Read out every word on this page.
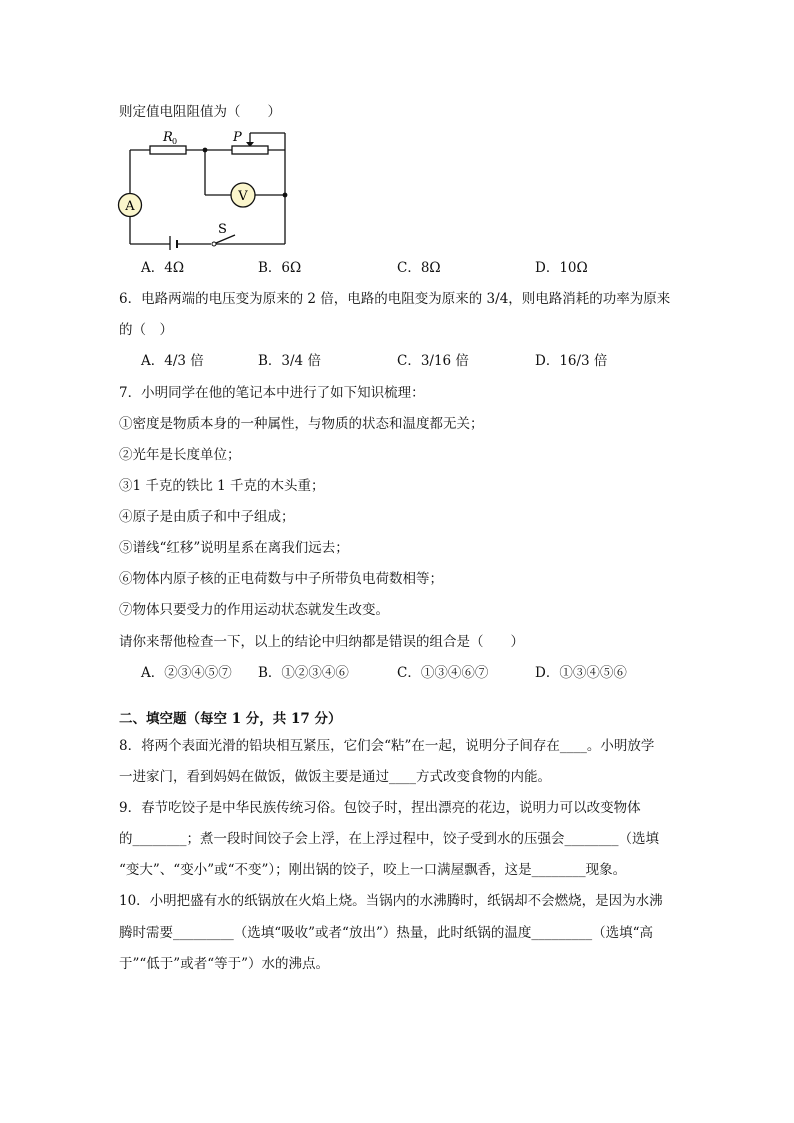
则定值电阻阻值为（　　）
V
A
R 0	P
S
A．4Ω	B．6Ω	C．8Ω	D．10Ω
6．电路两端的电压变为原来的 2 倍，电路的电阻变为原来的 3/4，则电路消耗的功率为原来
的（　）
A．4/3 倍	B．3/4 倍	C．3/16 倍	D．16/3 倍
7．小明同学在他的笔记本中进行了如下知识梳理：
①密度是物质本身的一种属性，与物质的状态和温度都无关；
②光年是长度单位；
③1 千克的铁比 1 千克的木头重；
④原子是由质子和中子组成；
⑤谱线“红移”说明星系在离我们远去；
⑥物体内原子核的正电荷数与中子所带负电荷数相等；
⑦物体只要受力的作用运动状态就发生改变。
请你来帮他检查一下，以上的结论中归纳都是错误的组合是（　　）
A．②③④⑤⑦ B．①②③④⑥	C．①③④⑥⑦	D．①③④⑤⑥
二、填空题（每空 1 分，共 17 分）
8．将两个表面光滑的铅块相互紧压，它们会“粘”在一起，说明分子间存在____。小明放学
一进家门，看到妈妈在做饭，做饭主要是通过____方式改变食物的内能。
9．春节吃饺子是中华民族传统习俗。包饺子时，捏出漂亮的花边，说明力可以改变物体
的________；煮一段时间饺子会上浮，在上浮过程中，饺子受到水的压强会________（选填
“变大”、“变小”或“不变”）；刚出锅的饺子，咬上一口满屋飘香，这是________现象。
10．小明把盛有水的纸锅放在火焰上烧。当锅内的水沸腾时，纸锅却不会燃烧，是因为水沸
腾时需要_________（选填“吸收”或者“放出”）热量，此时纸锅的温度_________（选填“高
于”“低于”或者“等于”）水的沸点。
